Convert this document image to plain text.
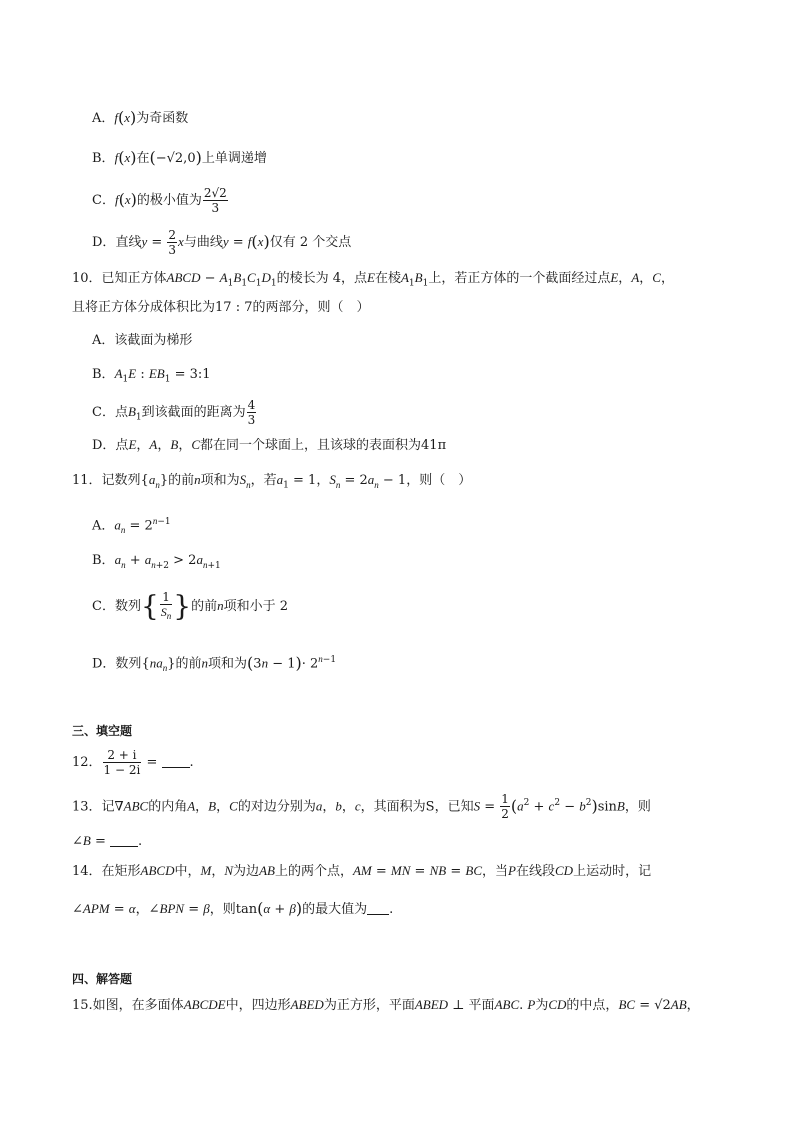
A．f(x)为奇函数
B．f(x)在(−√2,0)上单调递增
C．f(x)的极小值为 $\frac{2√2}{3}$
D．直线$y = \frac{2}{3}$ x与曲线y = f(x)仅有 2 个交点
10．已知正方体ABCD − $A_1B_1C_1D_1$的棱长为 4，点E在棱$A_1B_1$上，若正方体的一个截面经过点E，A，C，
且将正方体分成体积比为17 : 7的两部分，则（　）
A．该截面为梯形
B．$A_1E$ : $EB_1$ = 3:1
C．点$B_1$到该截面的距离为 $\frac{4}{3}$
D．点E，A，B，C都在同一个球面上，且该球的表面积为41π
11．记数列$\{a_n\}$的前n项和为$S_n$，若$a_1 = 1$，$S_n = 2a_n - 1$，则（　）
A．$a_n = 2^{n-1}$
B．$a_n + a_{n+2} > 2a_{n+1}$
C．数列{ $\frac{1}{S_n}$ }的前n项和小于 2
D．数列$\{na_n\}$的前n项和为$(3n - 1)\cdot 2^{n-1}$
三、填空题
12． $\frac{2 + i}{1 - 2i}$ = .
13．记∇ABC的内角A，B，C的对边分别为a，b，c，其面积为S，已知$S = \frac{1}{2} (a^2 + c^2 - b^2)\sin B$，则
∠B = .
14．在矩形ABCD中，M，N为边AB上的两个点，AM = MN = NB = BC，当P在线段CD上运动时，记
∠APM = α，∠BPN = β，则tan(α + β)的最大值为 .
四、解答题
15.如图，在多面体ABCDE中，四边形ABED为正方形，平面ABED ⊥ 平面ABC. P为CD的中点，BC = √2AB，
